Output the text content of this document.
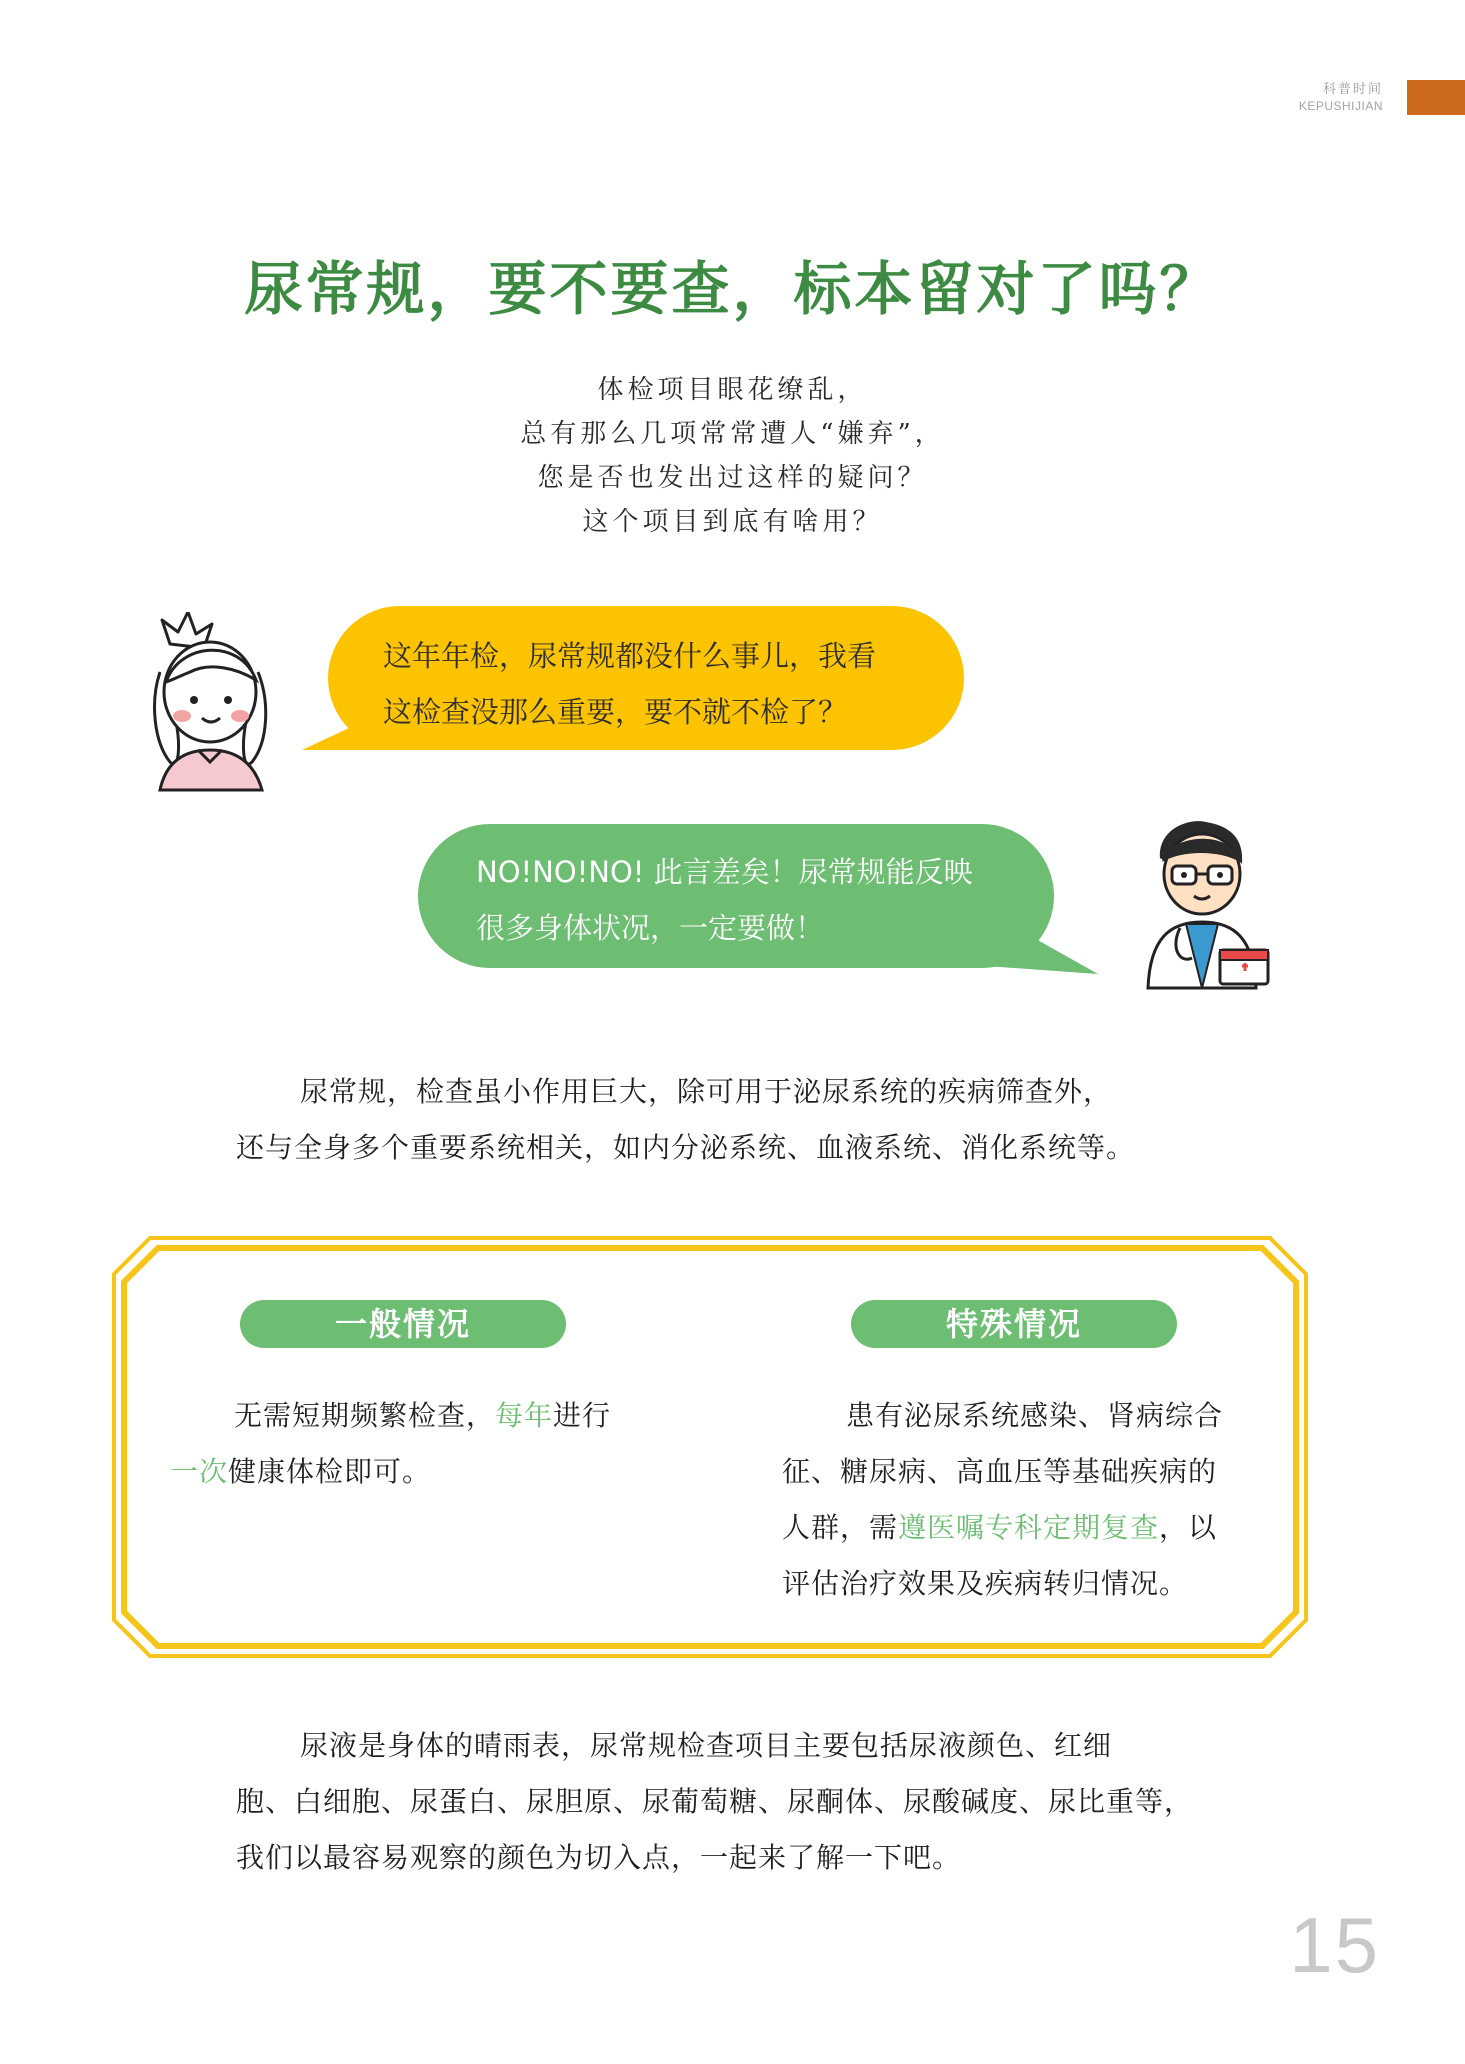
科普时间
KEPUSHIJIAN
尿常规，要不要查，标本留对了吗？
体检项目眼花缭乱，
总有那么几项常常遭人“嫌弃”，
您是否也发出过这样的疑问？
这个项目到底有啥用？
这年年检，尿常规都没什么事儿，我看
这检查没那么重要，要不就不检了？
NO!NO!NO! 此言差矣！尿常规能反映
很多身体状况，一定要做！
尿常规，检查虽小作用巨大，除可用于泌尿系统的疾病筛查外，
还与全身多个重要系统相关，如内分泌系统、血液系统、消化系统等。
一般情况	特殊情况
无需短期频繁检查，每年进行
一次健康体检即可。
患有泌尿系统感染、肾病综合
征、糖尿病、高血压等基础疾病的
人群，需遵医嘱专科定期复查，以
评估治疗效果及疾病转归情况。
尿液是身体的晴雨表，尿常规检查项目主要包括尿液颜色、红细
胞、白细胞、尿蛋白、尿胆原、尿葡萄糖、尿酮体、尿酸碱度、尿比重等，
我们以最容易观察的颜色为切入点，一起来了解一下吧。
15
